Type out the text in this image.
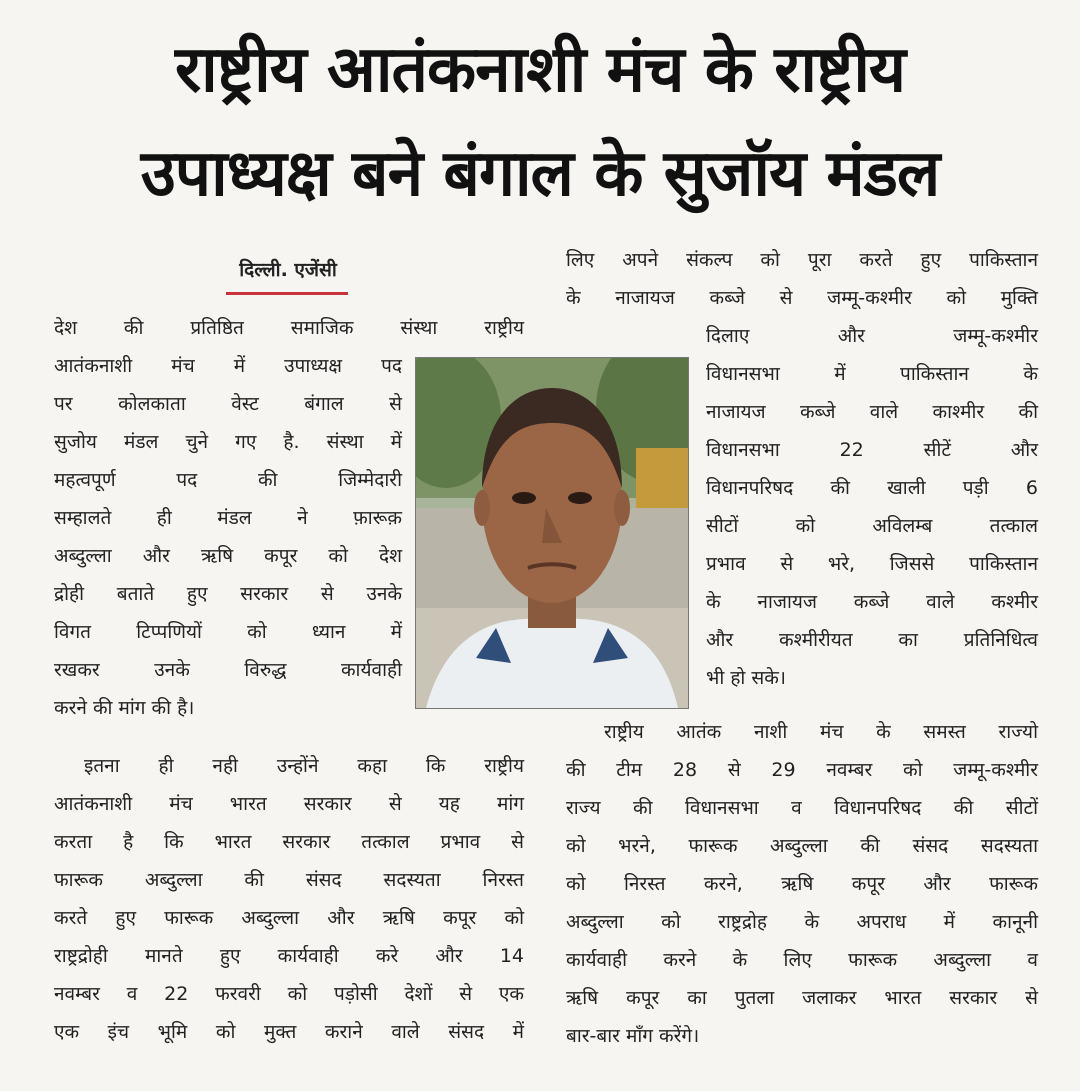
राष्ट्रीय आतंकनाशी मंच के राष्ट्रीय
उपाध्यक्ष बने बंगाल के सुजॉय मंडल
दिल्ली. एजेंसी
देश की प्रतिष्ठित समाजिक संस्था राष्ट्रीय
आतंकनाशी मंच में उपाध्यक्ष पद
पर कोलकाता वेस्ट बंगाल से
सुजोय मंडल चुने गए है. संस्था में
महत्वपूर्ण पद की जिम्मेदारी
सम्हालते ही मंडल ने फ़ारूक़
अब्दुल्ला और ऋषि कपूर को देश
द्रोही बताते हुए सरकार से उनके
विगत टिप्पणियों को ध्यान में
रखकर उनके विरुद्ध कार्यवाही
करने की मांग की है।
इतना ही नही उन्होंने कहा कि राष्ट्रीय
आतंकनाशी मंच भारत सरकार से यह मांग
करता है कि भारत सरकार तत्काल प्रभाव से
फारूक अब्दुल्ला की संसद सदस्यता निरस्त
करते हुए फारूक अब्दुल्ला और ऋषि कपूर को
राष्ट्रद्रोही मानते हुए कार्यवाही करे और 14
नवम्बर व 22 फरवरी को पड़ोसी देशों से एक
एक इंच भूमि को मुक्त कराने वाले संसद में
लिए अपने संकल्प को पूरा करते हुए पाकिस्तान
के नाजायज कब्जे से जम्मू-कश्मीर को मुक्ति
दिलाए और जम्मू-कश्मीर
विधानसभा में पाकिस्तान के
नाजायज कब्जे वाले काश्मीर की
विधानसभा 22 सीटें और
विधानपरिषद की खाली पड़ी 6
सीटों को अविलम्ब तत्काल
प्रभाव से भरे, जिससे पाकिस्तान
के नाजायज कब्जे वाले कश्मीर
और कश्मीरीयत का प्रतिनिधित्व
भी हो सके।
राष्ट्रीय आतंक नाशी मंच के समस्त राज्यो
की टीम 28 से 29 नवम्बर को जम्मू-कश्मीर
राज्य की विधानसभा व विधानपरिषद की सीटों
को भरने, फारूक अब्दुल्ला की संसद सदस्यता
को निरस्त करने, ऋषि कपूर और फारूक
अब्दुल्ला को राष्ट्रद्रोह के अपराध में कानूनी
कार्यवाही करने के लिए फारूक अब्दुल्ला व
ऋषि कपूर का पुतला जलाकर भारत सरकार से
बार-बार माँग करेंगे।
